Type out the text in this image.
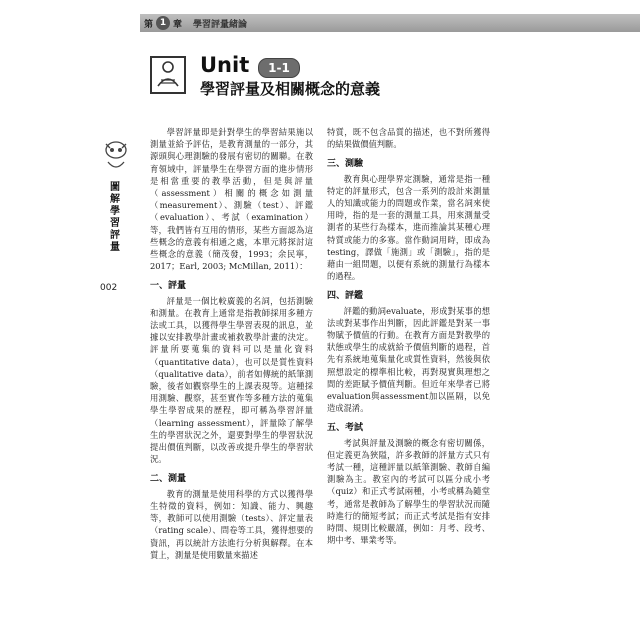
第 1 章 學習評量緒論
Unit	1-1
學習評量及相關概念的意義
圖
解
學
習
評
量
002

學習評量即是針對學生的學習結果施以測量並給予評估，是教育測量的一部分，其源頭與心理測驗的發展有密切的關聯。在教育領域中，評量學生在學習方面的進步情形是相當重要的教學活動，但是與評量（assessment）相關的概念如測量（measurement）、測驗（test）、評鑑（evaluation）、考試（examination）等，我們皆有互用的情形，某些方面認為這些概念的意義有相通之處，本單元將探討這些概念的意義（簡茂發，1993；余民寧，2017；Earl, 2003; McMillan, 2011）：

一、評量

評量是一個比較廣義的名詞，包括測驗和測量。在教育上通常是指教師採用多種方法或工具，以獲得學生學習表現的訊息，並據以安排教學計畫或補救教學計畫的決定。評量所要蒐集的資料可以是量化資料（quantitative data），也可以是質性資料（qualitative data），前者如傳統的紙筆測驗，後者如觀察學生的上課表現等。這種採用測驗、觀察，甚至實作等多種方法的蒐集學生學習成果的歷程，即可稱為學習評量（learning assessment），評量除了解學生的學習狀況之外，還要對學生的學習狀況提出價值判斷，以改善或提升學生的學習狀況。

二、測量

教育的測量是使用科學的方式以獲得學生特徵的資料，例如：知識、能力、興趣等，教師可以使用測驗（tests）、評定量表（rating scale）、問卷等工具，獲得想要的資訊，再以統計方法進行分析與解釋。在本質上，測量是使用數量來描述

特質，既不包含品質的描述，也不對所獲得的結果做價值判斷。

三、測驗

教育與心理學界定測驗，通常是指一種特定的評量形式，包含一系列的設計來測量人的知識或能力的問題或作業，當名詞來使用時，指的是一套的測量工具，用來測量受測者的某些行為樣本，進而推論其某種心理特質或能力的多寡。當作動詞用時，即成為testing，譯做「施測」或「測驗」，指的是藉由一組問題，以便有系統的測量行為樣本的過程。

四、評鑑

評鑑的動詞evaluate，形成對某事的想法或對某事作出判斷，因此評鑑是對某一事物賦予價值的行動。在教育方面是對教學的狀態或學生的成就給予價值判斷的過程，首先有系統地蒐集量化或質性資料，然後與依照想設定的標準相比較，再對現實與理想之間的差距賦予價值判斷。但近年來學者已將evaluation與assessment加以區隔，以免造成混淆。

五、考試

考試與評量及測驗的概念有密切關係，但定義更為狹隘，許多教師的評量方式只有考試一種，這種評量以紙筆測驗、教師自編測驗為主。教室內的考試可以區分成小考（quiz）和正式考試兩種，小考或稱為隨堂考，通常是教師為了解學生的學習狀況而隨時進行的簡短考試；而正式考試是指有安排時間、規則比較嚴謹，例如：月考、段考、期中考、畢業考等。
